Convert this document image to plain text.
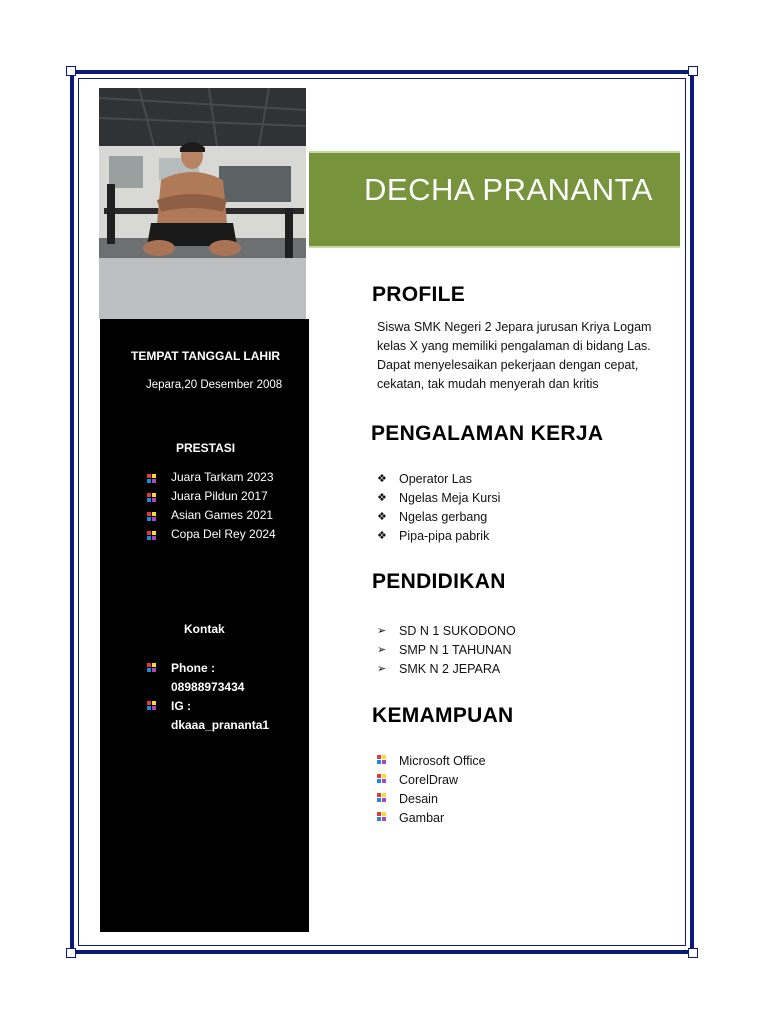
TEMPAT TANGGAL LAHIR
Jepara,20 Desember 2008
PRESTASI
Juara Tarkam 2023
Juara Pildun 2017
Asian Games 2021
Copa Del Rey 2024
Kontak
Phone :
08988973434
IG :
dkaaa_prananta1
DECHA PRANANTA
PROFILE
Siswa SMK Negeri 2 Jepara jurusan Kriya Logam kelas X yang memiliki pengalaman di bidang Las. Dapat menyelesaikan pekerjaan dengan cepat, cekatan, tak mudah menyerah dan kritis
PENGALAMAN KERJA
❖ Operator Las
❖ Ngelas Meja Kursi
❖ Ngelas gerbang
❖ Pipa-pipa pabrik
PENDIDIKAN
➢	SD N 1 SUKODONO
➢	SMP N 1 TAHUNAN
➢	SMK N 2 JEPARA
KEMAMPUAN
Microsoft Office
CorelDraw
Desain
Gambar
